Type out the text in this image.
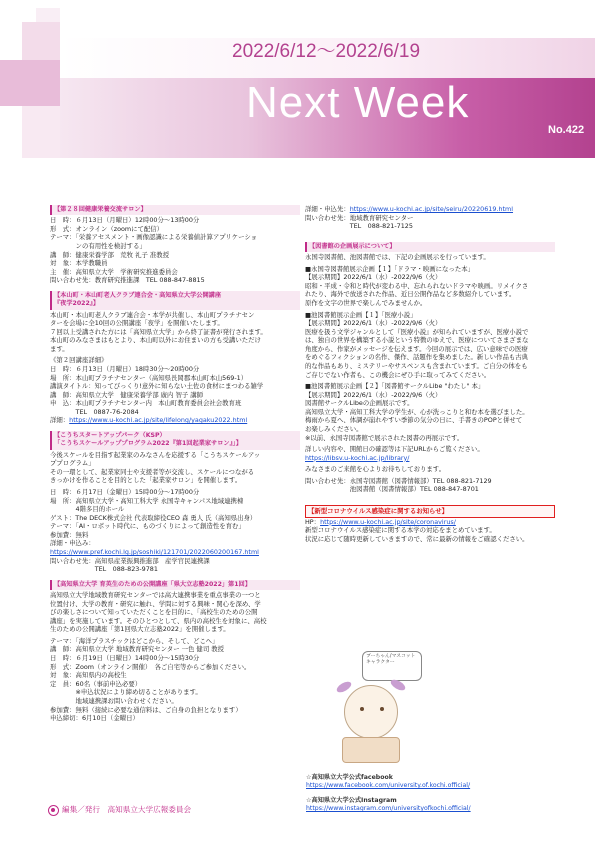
2022/6/12～2022/6/19
Next Week
No.422
【第２８回健康栄養交流サロン】
日　時：６月13日（月曜日）12時00分～13時00分
形　式：オンライン（zoomにて配信）
テーマ：「栄養アセスメント・画像認識による栄養値計算アプリケーショ
　　　　ンの有用性を検討する」
講　師：健康栄養学部　荒牧 礼子 准教授
対　象：本学教職員
主　催：高知県立大学　学術研究推進委員会
問い合わせ先：教育研究推進課　TEL 088-847-8815
【本山町・本山町老人クラブ連合会・高知県立大学公開講座
『夜学2022』】
本山町・本山町老人クラブ連合会・本学が共催し、本山町プラチナセン
ターを会場に全10回の公開講座「夜学」を開催いたします。
７回以上受講された方には「高知県立大学」から終了証書が発行されます。
本山町のみなさまはもとより、本山町以外にお住まいの方も受講いただけ
ます。
《第２回講座詳細》
日　時：６月13日（月曜日）18時30分～20時00分
場　所：本山町プラチナセンター（高知県長岡郡本山町本山569-1）
講演タイトル：知ってびっくり!意外に知らない土佐の食材にまつわる雑学
講　師：高知県立大学　健康栄養学部 廣内 智子 講師
申　込：本山町プラチナセンター内　本山町教育委員会社会教育班
　　　　TEL　0887-76-2084
詳細：https://www.u-kochi.ac.jp/site/lifelong/yagaku2022.html
【こうちスタートアップパーク（KSP）
「こうちスケールアッププログラム2022『第1回起業家サロン』」】
今後スケールを目指す起業家のみなさんを応援する「こうちスケールアッ
ププログラム」
その一環として、起業家同士や支援者等が交流し、スケールにつながる
きっかけを作ることを目的とした「起業家サロン」を開催します。
日　時：６月17日（金曜日）15時00分～17時00分
場　所：高知県立大学・高知工科大学 永国寺キャンパス地域連携棟
　　　　4階多目的ホール
ゲスト：The DECK株式会社 代表取締役CEO 森 勇人 氏（高知県出身）
テーマ：「AI・ロボット時代に、ものづくりによって創造性を育む」
参加費：無料
詳細・申込み：
https://www.pref.kochi.lg.jp/soshiki/121701/2022060200167.html
問い合わせ先：高知県産業振興推進部　産学官民連携課
　　　　　　　TEL　088-823-9781
【高知県立大学 育英生のための公開講座「県大立志塾2022」第1回】
高知県立大学地域教育研究センターでは高大連携事業を重点事業の一つと
位置付け、大学の教育・研究に触れ、学問に対する興味・関心を深め、学
びの楽しさについて知っていただくことを目的に、「高校生のための公開
講座」を実施しています。そのひとつとして、県内の高校生を対象に、高校
生のための公開講座「第1回県大立志塾2022」を開催します。
テーマ：「海洋プラスチックはどこから、そして、どこへ」
講　師：高知県立大学 地域教育研究センター 一色 健司 教授
日　時：６月19日（日曜日）14時00分～15時30分
形　式：Zoom（オンライン開催）　各ご自宅等からご参加ください。
対　象：高知県内の高校生
定　員：60名（事前申込必要）
　　　　※申込状況により締め切ることがあります。
　　　　地域連携課お問い合わせください。
参加費：無料（接続に必要な通信料は、ご自身の負担となります）
申込締切：6月10日（金曜日）
詳細・申込先：https://www.u-kochi.ac.jp/site/seiru/20220619.html
問い合わせ先：地域教育研究センター
　　　　　　　TEL　088-821-7125
【図書館の企画展示について】
永国寺図書館、池図書館では、下記の企画展示を行っています。
■永国寺図書館展示企画【１】「ドラマ・映画になった本」
【展示期間】2022/6/1（水）-2022/9/6（火）
昭和・平成・令和と時代が変わる中、忘れられないドラマや映画。リメイクさ
れたり、海外で放送された作品、近日公開作品など多数紹介しています。
原作を文字の世界で楽しんでみませんか。
■池図書館展示企画【１】「医療小説」
【展示期間】2022/6/1（水）-2022/9/6（火）
医療を扱う文学ジャンルとして『医療小説』が知られていますが、医療小説で
は、独自の世界を構築する小説という特徴のゆえで、医療についてさまざまな
角度から、作家がメッセージを伝えます。今回の展示では、広い意味での医療
をめぐるフィクションの名作、傑作、話題作を集めました。新しい作品も古典
的な作品もあり、ミステリーやサスペンスも含まれています。ご自分の体をも
ご存じでない作者も、この機会にぜひ手に取ってみてください。
■池図書館展示企画【２】「図書館サークルLibe "わたし" 本」
【展示期間】2022/6/1（水）-2022/9/6（火）
図書館サークルLibeの企画展示です。
高知県立大学・高知工科大学の学生が、心が洗っこりと和む本を選びました。
梅雨から夏へ、体調が崩れやすい季節の気分の日に、手書きのPOPと併せて
お楽しみください。
※以前、永国寺図書館で展示された図書の再展示です。
詳しい内容や、開館日の確認等は下記URLからご覧ください。
https://libsv.u-kochi.ac.jp/library/
みなさまのご来館を心よりお待ちしております。
問い合わせ先：永国寺図書館（図書情報部）TEL 088-821-7129
　　　　　　　池図書館（図書情報部）TEL 088-847-8701
【新型コロナウイルス感染症に関するお知らせ】
HP：https://www.u-kochi.ac.jp/site/coronavirus/
新型コロナウイルス感染症に関する本学の対応をまとめています。
状況に応じて随時更新していきますので、常に最新の情報をご確認ください。
ブーちゃん/マスコット キャラクター
☆高知県立大学公式facebook
https://www.facebook.com/university.of.kochi.official/
☆高知県立大学公式Instagram
https://www.instagram.com/universityofkochi.official/
編集／発行　高知県立大学広報委員会
